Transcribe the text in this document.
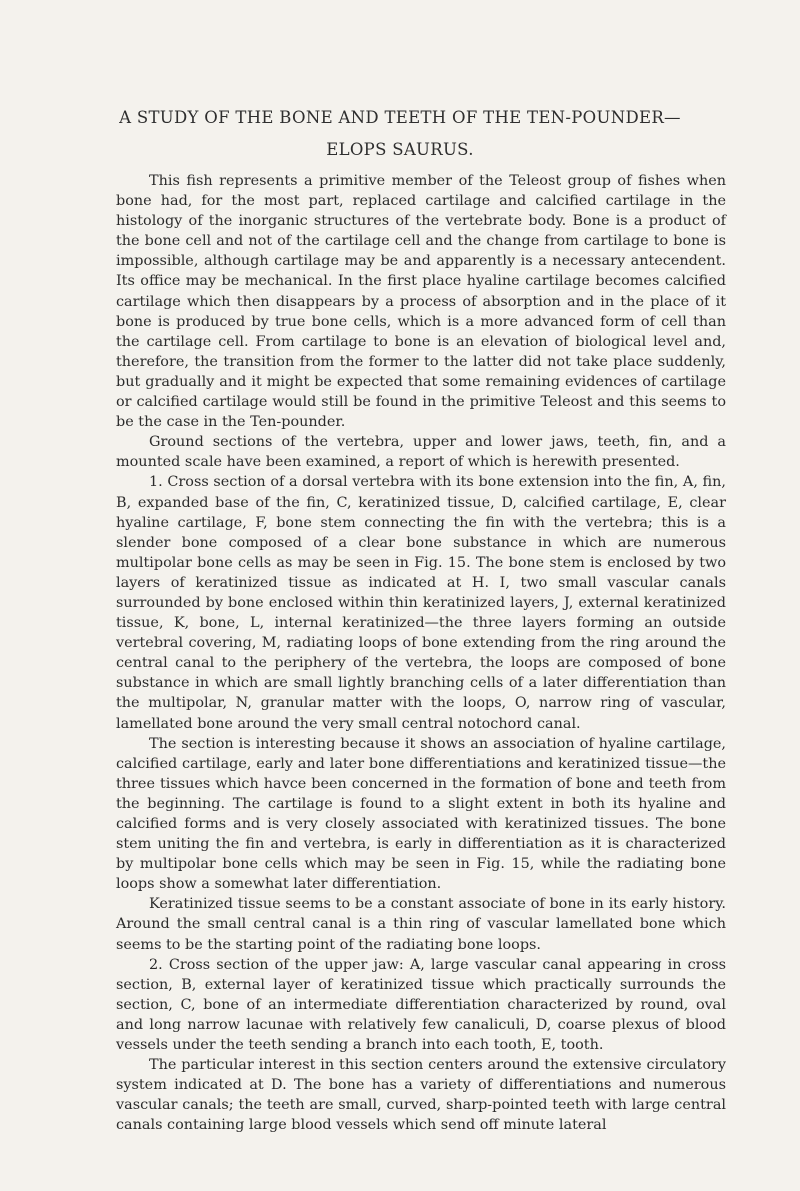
A STUDY OF THE BONE AND TEETH OF THE TEN-POUNDER—
ELOPS SAURUS.

This fish represents a primitive member of the Teleost group of fishes when bone had, for the most part, replaced cartilage and calcified cartilage in the histology of the inorganic structures of the vertebrate body. Bone is a product of the bone cell and not of the cartilage cell and the change from cartilage to bone is impossible, although cartilage may be and apparently is a necessary antecendent. Its office may be mechanical. In the first place hyaline cartilage becomes calcified cartilage which then disappears by a process of absorption and in the place of it bone is produced by true bone cells, which is a more advanced form of cell than the cartilage cell. From cartilage to bone is an elevation of biological level and, therefore, the transition from the former to the latter did not take place suddenly, but gradually and it might be expected that some remaining evidences of cartilage or calcified cartilage would still be found in the primitive Teleost and this seems to be the case in the Ten-pounder.

Ground sections of the vertebra, upper and lower jaws, teeth, fin, and a mounted scale have been examined, a report of which is herewith presented.

1. Cross section of a dorsal vertebra with its bone extension into the fin, A, fin, B, expanded base of the fin, C, keratinized tissue, D, calcified cartilage, E, clear hyaline cartilage, F, bone stem connecting the fin with the vertebra; this is a slender bone composed of a clear bone substance in which are numerous multipolar bone cells as may be seen in Fig. 15. The bone stem is enclosed by two layers of keratinized tissue as indicated at H. I, two small vascular canals surrounded by bone enclosed within thin keratinized layers, J, external keratinized tissue, K, bone, L, internal keratinized—the three layers forming an outside vertebral covering, M, radiating loops of bone extending from the ring around the central canal to the periphery of the vertebra, the loops are composed of bone substance in which are small lightly branching cells of a later differentiation than the multipolar, N, granular matter with the loops, O, narrow ring of vascular, lamellated bone around the very small central notochord canal.

The section is interesting because it shows an association of hyaline cartilage, calcified cartilage, early and later bone differentiations and keratinized tissue—the three tissues which havce been concerned in the formation of bone and teeth from the beginning. The cartilage is found to a slight extent in both its hyaline and calcified forms and is very closely associated with keratinized tissues. The bone stem uniting the fin and vertebra, is early in differentiation as it is characterized by multipolar bone cells which may be seen in Fig. 15, while the radiating bone loops show a somewhat later differentiation.

Keratinized tissue seems to be a constant associate of bone in its early history. Around the small central canal is a thin ring of vascular lamellated bone which seems to be the starting point of the radiating bone loops.

2. Cross section of the upper jaw: A, large vascular canal appearing in cross section, B, external layer of keratinized tissue which practically surrounds the section, C, bone of an intermediate differentiation characterized by round, oval and long narrow lacunae with relatively few canaliculi, D, coarse plexus of blood vessels under the teeth sending a branch into each tooth, E, tooth.

The particular interest in this section centers around the extensive circulatory system indicated at D. The bone has a variety of differentiations and numerous vascular canals; the teeth are small, curved, sharp-pointed teeth with large central canals containing large blood vessels which send off minute lateral
